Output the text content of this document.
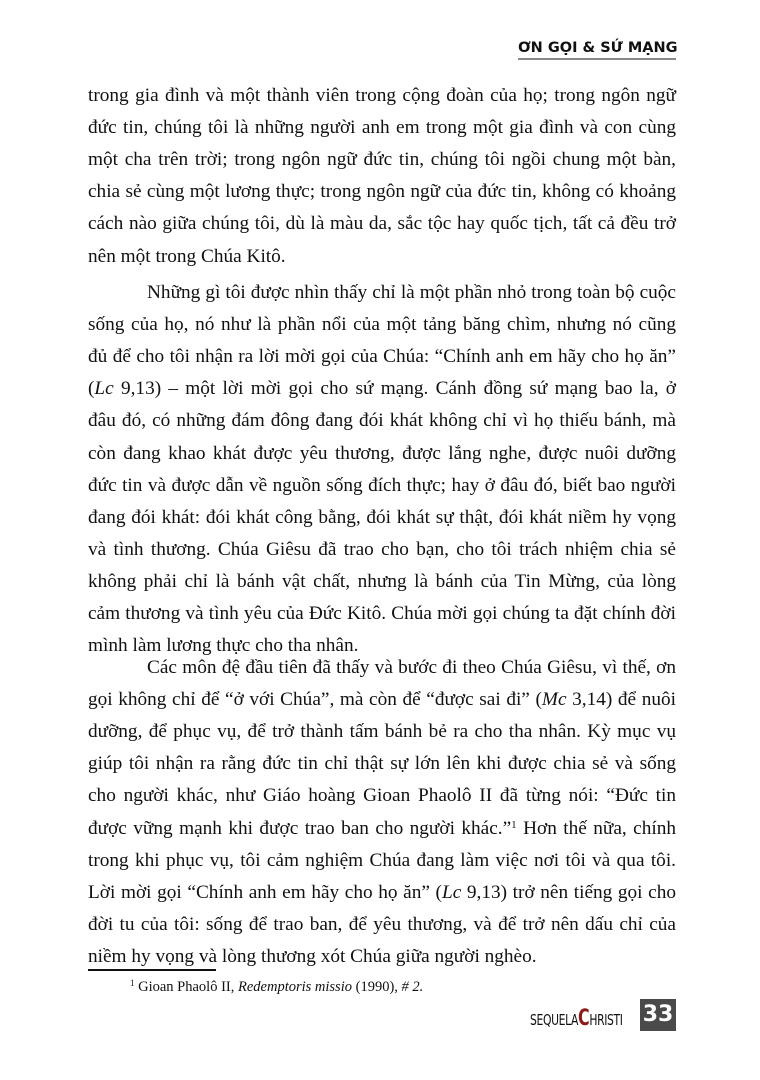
ƠN GỌI & SỨ MẠNG
trong gia đình và một thành viên trong cộng đoàn của họ; trong ngôn ngữ
đức tin, chúng tôi là những người anh em trong một gia đình và con cùng
một cha trên trời; trong ngôn ngữ đức tin, chúng tôi ngồi chung một bàn,
chia sẻ cùng một lương thực; trong ngôn ngữ của đức tin, không có khoảng
cách nào giữa chúng tôi, dù là màu da, sắc tộc hay quốc tịch, tất cả đều trở
nên một trong Chúa Kitô.
Những gì tôi được nhìn thấy chỉ là một phần nhỏ trong toàn bộ cuộc
sống của họ, nó như là phần nổi của một tảng băng chìm, nhưng nó cũng
đủ để cho tôi nhận ra lời mời gọi của Chúa: “Chính anh em hãy cho họ ăn”
(Lc 9,13) – một lời mời gọi cho sứ mạng. Cánh đồng sứ mạng bao la, ở
đâu đó, có những đám đông đang đói khát không chỉ vì họ thiếu bánh, mà
còn đang khao khát được yêu thương, được lắng nghe, được nuôi dưỡng
đức tin và được dẫn về nguồn sống đích thực; hay ở đâu đó, biết bao người
đang đói khát: đói khát công bằng, đói khát sự thật, đói khát niềm hy vọng
và tình thương. Chúa Giêsu đã trao cho bạn, cho tôi trách nhiệm chia sẻ
không phải chỉ là bánh vật chất, nhưng là bánh của Tin Mừng, của lòng
cảm thương và tình yêu của Đức Kitô. Chúa mời gọi chúng ta đặt chính đời
mình làm lương thực cho tha nhân.
Các môn đệ đầu tiên đã thấy và bước đi theo Chúa Giêsu, vì thế, ơn
gọi không chỉ để “ở với Chúa”, mà còn để “được sai đi” (Mc 3,14) để nuôi
dưỡng, để phục vụ, để trở thành tấm bánh bẻ ra cho tha nhân. Kỳ mục vụ
giúp tôi nhận ra rằng đức tin chỉ thật sự lớn lên khi được chia sẻ và sống
cho người khác, như Giáo hoàng Gioan Phaolô II đã từng nói: “Đức tin
được vững mạnh khi được trao ban cho người khác.”$^1$ Hơn thế nữa, chính
trong khi phục vụ, tôi cảm nghiệm Chúa đang làm việc nơi tôi và qua tôi.
Lời mời gọi “Chính anh em hãy cho họ ăn” (Lc 9,13) trở nên tiếng gọi cho
đời tu của tôi: sống để trao ban, để yêu thương, và để trở nên dấu chỉ của
niềm hy vọng và lòng thương xót Chúa giữa người nghèo.
$^1$ Gioan Phaolô II, Redemptoris missio (1990), # 2.
SEQUELACHRISTI 33
